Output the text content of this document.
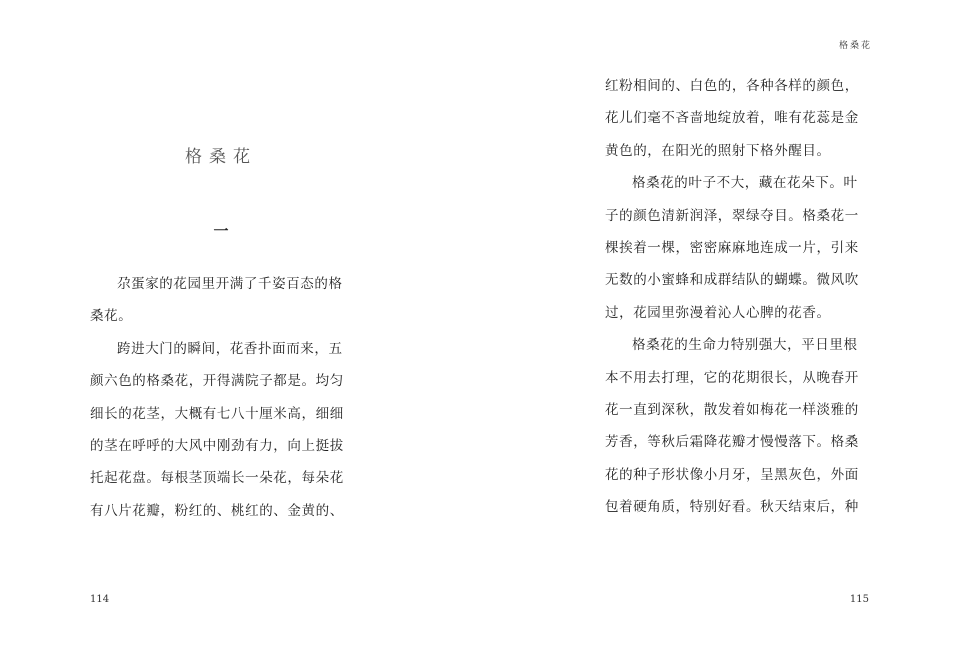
格桑花
一

尕蛋家的花园里开满了千姿百态的格桑花。

跨进大门的瞬间，花香扑面而来，五颜六色的格桑花，开得满院子都是。均匀细长的花茎，大概有七八十厘米高，细细的茎在呼呼的大风中刚劲有力，向上挺拔托起花盘。每根茎顶端长一朵花，每朵花有八片花瓣，粉红的、桃红的、金黄的、

114
格桑花

红粉相间的、白色的，各种各样的颜色，花儿们毫不吝啬地绽放着，唯有花蕊是金黄色的，在阳光的照射下格外醒目。

格桑花的叶子不大，藏在花朵下。叶子的颜色清新润泽，翠绿夺目。格桑花一棵挨着一棵，密密麻麻地连成一片，引来无数的小蜜蜂和成群结队的蝴蝶。微风吹过，花园里弥漫着沁人心脾的花香。

格桑花的生命力特别强大，平日里根本不用去打理，它的花期很长，从晚春开花一直到深秋，散发着如梅花一样淡雅的芳香，等秋后霜降花瓣才慢慢落下。格桑花的种子形状像小月牙，呈黑灰色，外面包着硬角质，特别好看。秋天结束后，种

115
